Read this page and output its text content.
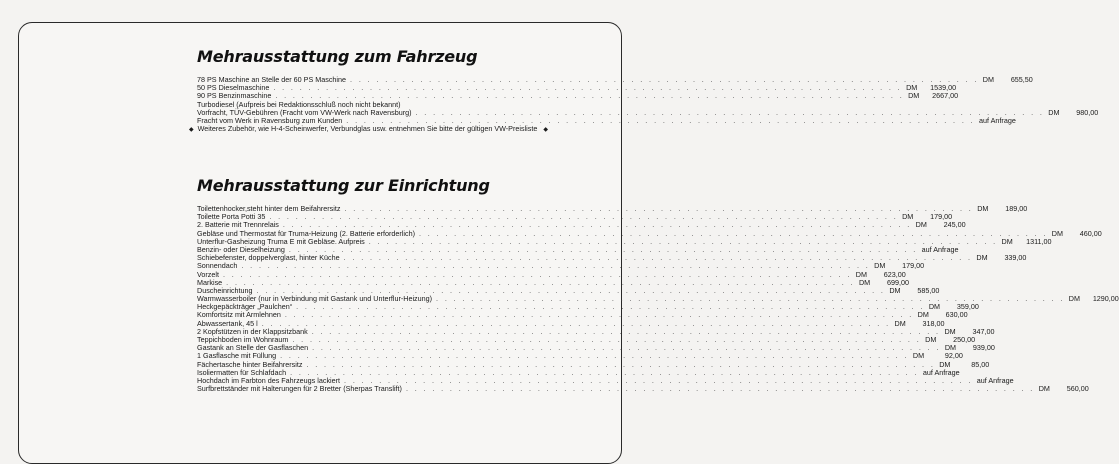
Mehrausstattung zum Fahrzeug
78 PS Maschine an Stelle der 60 PS Maschine . . . . . . . . . . . . . . . . . . . . . . . . . . . . . . . . . . . . . . . . . . . . . . . . . . . . . . . . . . . . . . . . . . . . . . . . DM	655,50
50 PS Dieselmaschine . . . . . . . . . . . . . . . . . . . . . . . . . . . . . . . . . . . . . . . . . . . . . . . . . . . . . . . . . . . . . . . . . . . . . . . . DM	1539,00
90 PS Benzinmaschine . . . . . . . . . . . . . . . . . . . . . . . . . . . . . . . . . . . . . . . . . . . . . . . . . . . . . . . . . . . . . . . . . . . . . . . . DM	2667,00
Turbodiesel (Aufpreis bei Redaktionsschluß noch nicht bekannt)
Vorfracht, TÜV-Gebühren (Fracht vom VW-Werk nach Ravensburg) . . . . . . . . . . . . . . . . . . . . . . . . . . . . . . . . . . . . . . . . . . . . . . . . . . . . . . . . . . . . . . . . . . . . . . . . DM	980,00
Fracht vom Werk in Ravensburg zum Kunden . . . . . . . . . . . . . . . . . . . . . . . . . . . . . . . . . . . . . . . . . . . . . . . . . . . . . . . . . . . . . . . . . . . . . . . . auf Anfrage
◆ Weiteres Zubehör, wie H-4-Scheinwerfer, Verbundglas usw. entnehmen Sie bitte der gültigen VW-Preisliste ◆
Mehrausstattung zur Einrichtung
Toilettenhocker,steht hinter dem Beifahrersitz . . . . . . . . . . . . . . . . . . . . . . . . . . . . . . . . . . . . . . . . . . . . . . . . . . . . . . . . . . . . . . . . . . . . . . . . DM	189,00
Toilette Porta Potti 35 . . . . . . . . . . . . . . . . . . . . . . . . . . . . . . . . . . . . . . . . . . . . . . . . . . . . . . . . . . . . . . . . . . . . . . . . DM	179,00
2. Batterie mit Trennrelais . . . . . . . . . . . . . . . . . . . . . . . . . . . . . . . . . . . . . . . . . . . . . . . . . . . . . . . . . . . . . . . . . . . . . . . . DM	245,00
Gebläse und Thermostat für Truma-Heizung (2. Batterie erforderlich) . . . . . . . . . . . . . . . . . . . . . . . . . . . . . . . . . . . . . . . . . . . . . . . . . . . . . . . . . . . . . . . . . . . . . . . . DM	460,00
Unterflur-Gasheizung Truma E mit Gebläse. Aufpreis . . . . . . . . . . . . . . . . . . . . . . . . . . . . . . . . . . . . . . . . . . . . . . . . . . . . . . . . . . . . . . . . . . . . . . . . DM	1311,00
Benzin- oder Dieselheizung . . . . . . . . . . . . . . . . . . . . . . . . . . . . . . . . . . . . . . . . . . . . . . . . . . . . . . . . . . . . . . . . . . . . . . . . auf Anfrage
Schiebefenster, doppelverglast, hinter Küche . . . . . . . . . . . . . . . . . . . . . . . . . . . . . . . . . . . . . . . . . . . . . . . . . . . . . . . . . . . . . . . . . . . . . . . . DM	339,00
Sonnendach . . . . . . . . . . . . . . . . . . . . . . . . . . . . . . . . . . . . . . . . . . . . . . . . . . . . . . . . . . . . . . . . . . . . . . . . DM	179,00
Vorzelt . . . . . . . . . . . . . . . . . . . . . . . . . . . . . . . . . . . . . . . . . . . . . . . . . . . . . . . . . . . . . . . . . . . . . . . . DM	623,00
Markise . . . . . . . . . . . . . . . . . . . . . . . . . . . . . . . . . . . . . . . . . . . . . . . . . . . . . . . . . . . . . . . . . . . . . . . . DM	699,00
Duscheinrichtung . . . . . . . . . . . . . . . . . . . . . . . . . . . . . . . . . . . . . . . . . . . . . . . . . . . . . . . . . . . . . . . . . . . . . . . . DM	585,00
Warmwasserboiler (nur in Verbindung mit Gastank und Unterflur-Heizung) . . . . . . . . . . . . . . . . . . . . . . . . . . . . . . . . . . . . . . . . . . . . . . . . . . . . . . . . . . . . . . . . . . . . . . . . DM	1290,00
Heckgepäckträger „Paulchen“ . . . . . . . . . . . . . . . . . . . . . . . . . . . . . . . . . . . . . . . . . . . . . . . . . . . . . . . . . . . . . . . . . . . . . . . . DM	359,00
Komfortsitz mit Armlehnen . . . . . . . . . . . . . . . . . . . . . . . . . . . . . . . . . . . . . . . . . . . . . . . . . . . . . . . . . . . . . . . . . . . . . . . . DM	630,00
Abwassertank, 45 l . . . . . . . . . . . . . . . . . . . . . . . . . . . . . . . . . . . . . . . . . . . . . . . . . . . . . . . . . . . . . . . . . . . . . . . . DM	318,00
2 Kopfstützen in der Klappsitzbank . . . . . . . . . . . . . . . . . . . . . . . . . . . . . . . . . . . . . . . . . . . . . . . . . . . . . . . . . . . . . . . . . . . . . . . . DM	347,00
Teppichboden im Wohnraum . . . . . . . . . . . . . . . . . . . . . . . . . . . . . . . . . . . . . . . . . . . . . . . . . . . . . . . . . . . . . . . . . . . . . . . . DM	250,00
Gastank an Stelle der Gasflaschen . . . . . . . . . . . . . . . . . . . . . . . . . . . . . . . . . . . . . . . . . . . . . . . . . . . . . . . . . . . . . . . . . . . . . . . . DM	939,00
1 Gasflasche mit Füllung . . . . . . . . . . . . . . . . . . . . . . . . . . . . . . . . . . . . . . . . . . . . . . . . . . . . . . . . . . . . . . . . . . . . . . . . DM	92,00
Fächertasche hinter Beifahrersitz . . . . . . . . . . . . . . . . . . . . . . . . . . . . . . . . . . . . . . . . . . . . . . . . . . . . . . . . . . . . . . . . . . . . . . . . DM	85,00
Isoliermatten für Schlafdach . . . . . . . . . . . . . . . . . . . . . . . . . . . . . . . . . . . . . . . . . . . . . . . . . . . . . . . . . . . . . . . . . . . . . . . . auf Anfrage
Hochdach im Farbton des Fahrzeugs lackiert . . . . . . . . . . . . . . . . . . . . . . . . . . . . . . . . . . . . . . . . . . . . . . . . . . . . . . . . . . . . . . . . . . . . . . . . auf Anfrage
Surfbrettständer mit Halterungen für 2 Bretter (Sherpas Translift) . . . . . . . . . . . . . . . . . . . . . . . . . . . . . . . . . . . . . . . . . . . . . . . . . . . . . . . . . . . . . . . . . . . . . . . . DM	560,00
